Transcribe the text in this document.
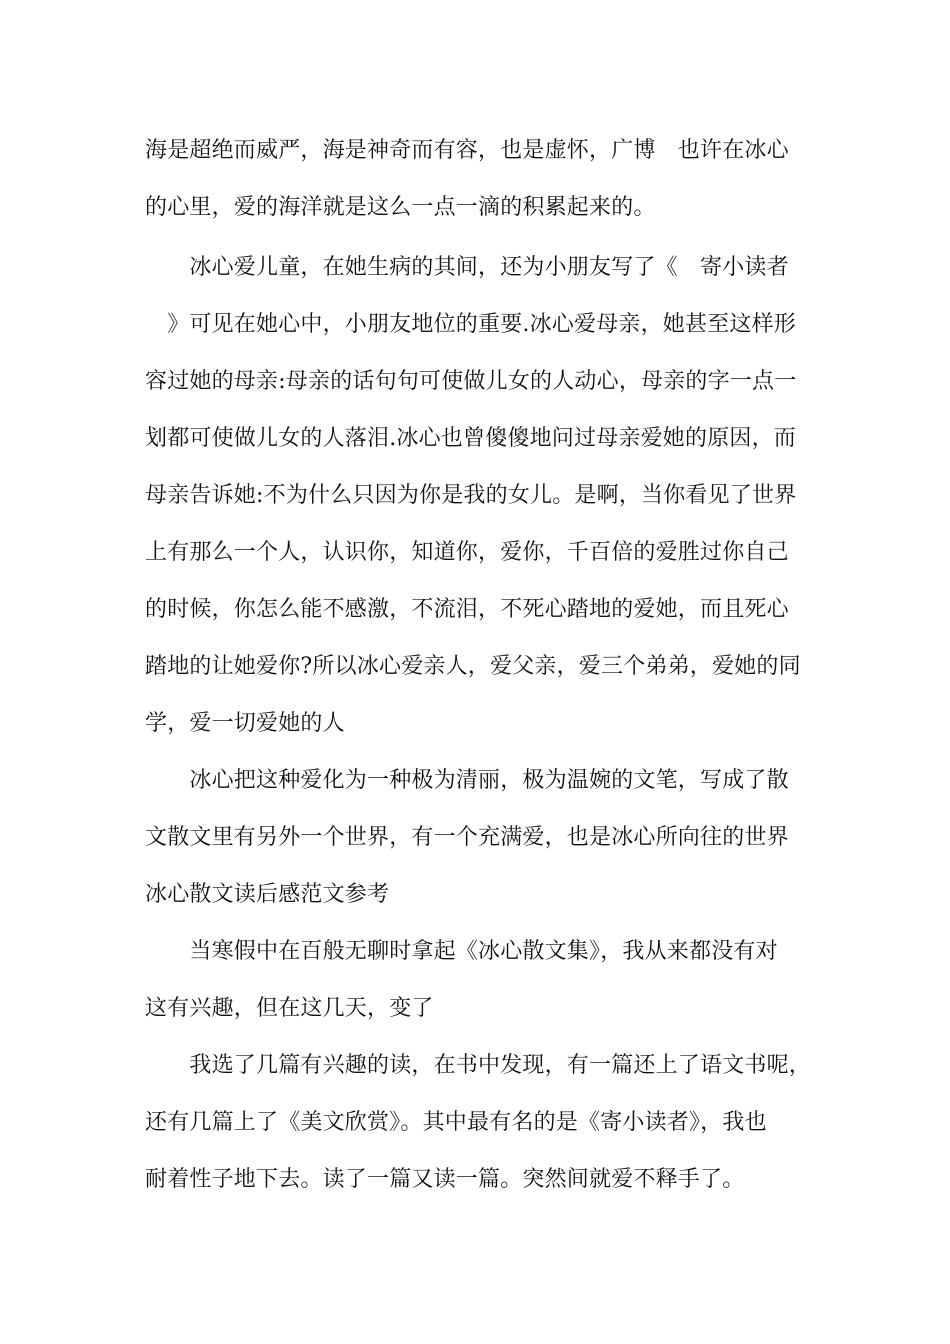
海是超绝而威严，海是神奇而有容，也是虚怀，广博　也许在冰心
的心里，爱的海洋就是这么一点一滴的积累起来的。
　　冰心爱儿童，在她生病的其间，还为小朋友写了《　寄小读者
　》可见在她心中，小朋友地位的重要.冰心爱母亲，她甚至这样形
容过她的母亲:母亲的话句句可使做儿女的人动心，母亲的字一点一
划都可使做儿女的人落泪.冰心也曾傻傻地问过母亲爱她的原因，而
母亲告诉她:不为什么只因为你是我的女儿。是啊，当你看见了世界
上有那么一个人，认识你，知道你，爱你，千百倍的爱胜过你自己
的时候，你怎么能不感激，不流泪，不死心踏地的爱她，而且死心
踏地的让她爱你?所以冰心爱亲人，爱父亲，爱三个弟弟，爱她的同
学，爱一切爱她的人
　　冰心把这种爱化为一种极为清丽，极为温婉的文笔，写成了散
文散文里有另外一个世界，有一个充满爱，也是冰心所向往的世界
冰心散文读后感范文参考
　　当寒假中在百般无聊时拿起《冰心散文集》，我从来都没有对
这有兴趣，但在这几天，变了
　　我选了几篇有兴趣的读，在书中发现，有一篇还上了语文书呢，
还有几篇上了《美文欣赏》。其中最有名的是《寄小读者》，我也
耐着性子地下去。读了一篇又读一篇。突然间就爱不释手了。
